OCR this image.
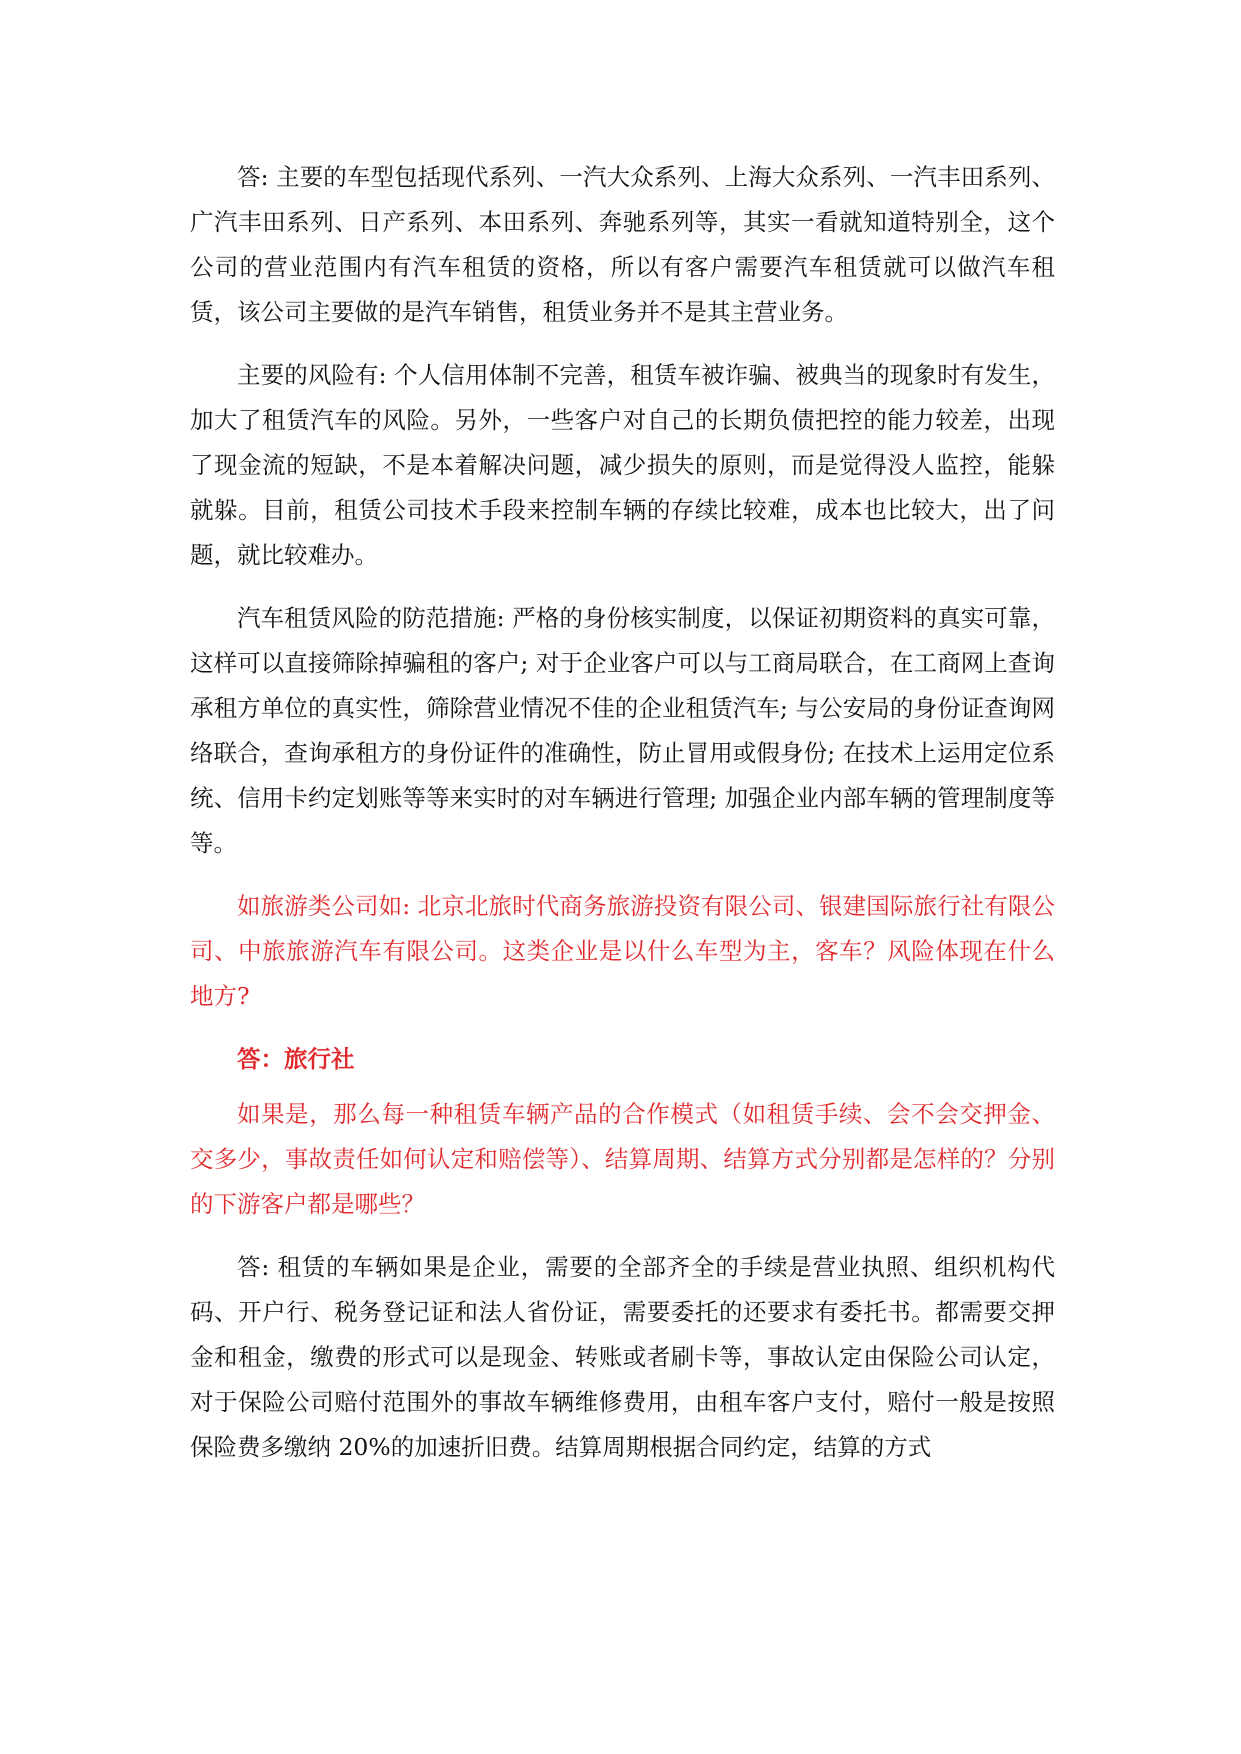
答: 主要的车型包括现代系列、一汽大众系列、上海大众系列、一汽丰田系列、广汽丰田系列、日产系列、本田系列、奔驰系列等，其实一看就知道特别全，这个公司的营业范围内有汽车租赁的资格，所以有客户需要汽车租赁就可以做汽车租赁，该公司主要做的是汽车销售，租赁业务并不是其主营业务。

主要的风险有: 个人信用体制不完善，租赁车被诈骗、被典当的现象时有发生，加大了租赁汽车的风险。另外，一些客户对自己的长期负债把控的能力较差，出现了现金流的短缺，不是本着解决问题，减少损失的原则，而是觉得没人监控，能躲就躲。目前，租赁公司技术手段来控制车辆的存续比较难，成本也比较大，出了问题，就比较难办。

汽车租赁风险的防范措施: 严格的身份核实制度，以保证初期资料的真实可靠，这样可以直接筛除掉骗租的客户; 对于企业客户可以与工商局联合，在工商网上查询承租方单位的真实性，筛除营业情况不佳的企业租赁汽车; 与公安局的身份证查询网络联合，查询承租方的身份证件的准确性，防止冒用或假身份; 在技术上运用定位系统、信用卡约定划账等等来实时的对车辆进行管理; 加强企业内部车辆的管理制度等等。

如旅游类公司如: 北京北旅时代商务旅游投资有限公司、银建国际旅行社有限公司、中旅旅游汽车有限公司。这类企业是以什么车型为主，客车？风险体现在什么地方?

答：旅行社

如果是，那么每一种租赁车辆产品的合作模式（如租赁手续、会不会交押金、交多少，事故责任如何认定和赔偿等）、结算周期、结算方式分别都是怎样的？分别的下游客户都是哪些？

答: 租赁的车辆如果是企业，需要的全部齐全的手续是营业执照、组织机构代码、开户行、税务登记证和法人省份证，需要委托的还要求有委托书。都需要交押金和租金，缴费的形式可以是现金、转账或者刷卡等，事故认定由保险公司认定，对于保险公司赔付范围外的事故车辆维修费用，由租车客户支付，赔付一般是按照保险费多缴纳 20%的加速折旧费。结算周期根据合同约定，结算的方式
